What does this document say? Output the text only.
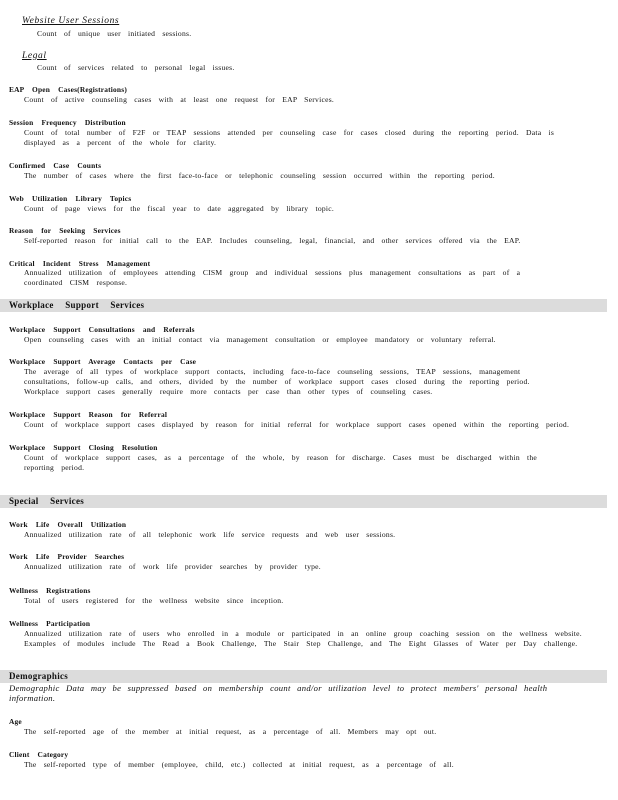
Website User Sessions
Count of unique user initiated sessions.
Legal
Count of services related to personal legal issues.
EAP Open Cases(Registrations)
Count of active counseling cases with at least one request for EAP Services.
Session Frequency Distribution
Count of total number of F2F or TEAP sessions attended per counseling case for cases closed during the reporting period. Data is
displayed as a percent of the whole for clarity.
Confirmed Case Counts
The number of cases where the first face-to-face or telephonic counseling session occurred within the reporting period.
Web Utilization Library Topics
Count of page views for the fiscal year to date aggregated by library topic.
Reason for Seeking Services
Self-reported reason for initial call to the EAP. Includes counseling, legal, financial, and other services offered via the EAP.
Critical Incident Stress Management
Annualized utilization of employees attending CISM group and individual sessions plus management consultations as part of a
coordinated CISM response.
Workplace Support Services
Workplace Support Consultations and Referrals
Open counseling cases with an initial contact via management consultation or employee mandatory or voluntary referral.
Workplace Support Average Contacts per Case
The average of all types of workplace support contacts, including face-to-face counseling sessions, TEAP sessions, management
consultations, follow-up calls, and others, divided by the number of workplace support cases closed during the reporting period.
Workplace support cases generally require more contacts per case than other types of counseling cases.
Workplace Support Reason for Referral
Count of workplace support cases displayed by reason for initial referral for workplace support cases opened within the reporting period.
Workplace Support Closing Resolution
Count of workplace support cases, as a percentage of the whole, by reason for discharge. Cases must be discharged within the
reporting period.
Special Services
Work Life Overall Utilization
Annualized utilization rate of all telephonic work life service requests and web user sessions.
Work Life Provider Searches
Annualized utilization rate of work life provider searches by provider type.
Wellness Registrations
Total of users registered for the wellness website since inception.
Wellness Participation
Annualized utilization rate of users who enrolled in a module or participated in an online group coaching session on the wellness website.
Examples of modules include The Read a Book Challenge, The Stair Step Challenge, and The Eight Glasses of Water per Day challenge.
Demographics
Demographic Data may be suppressed based on membership count and/or utilization level to protect members' personal health
information.
Age
The self-reported age of the member at initial request, as a percentage of all. Members may opt out.
Client Category
The self-reported type of member (employee, child, etc.) collected at initial request, as a percentage of all.
